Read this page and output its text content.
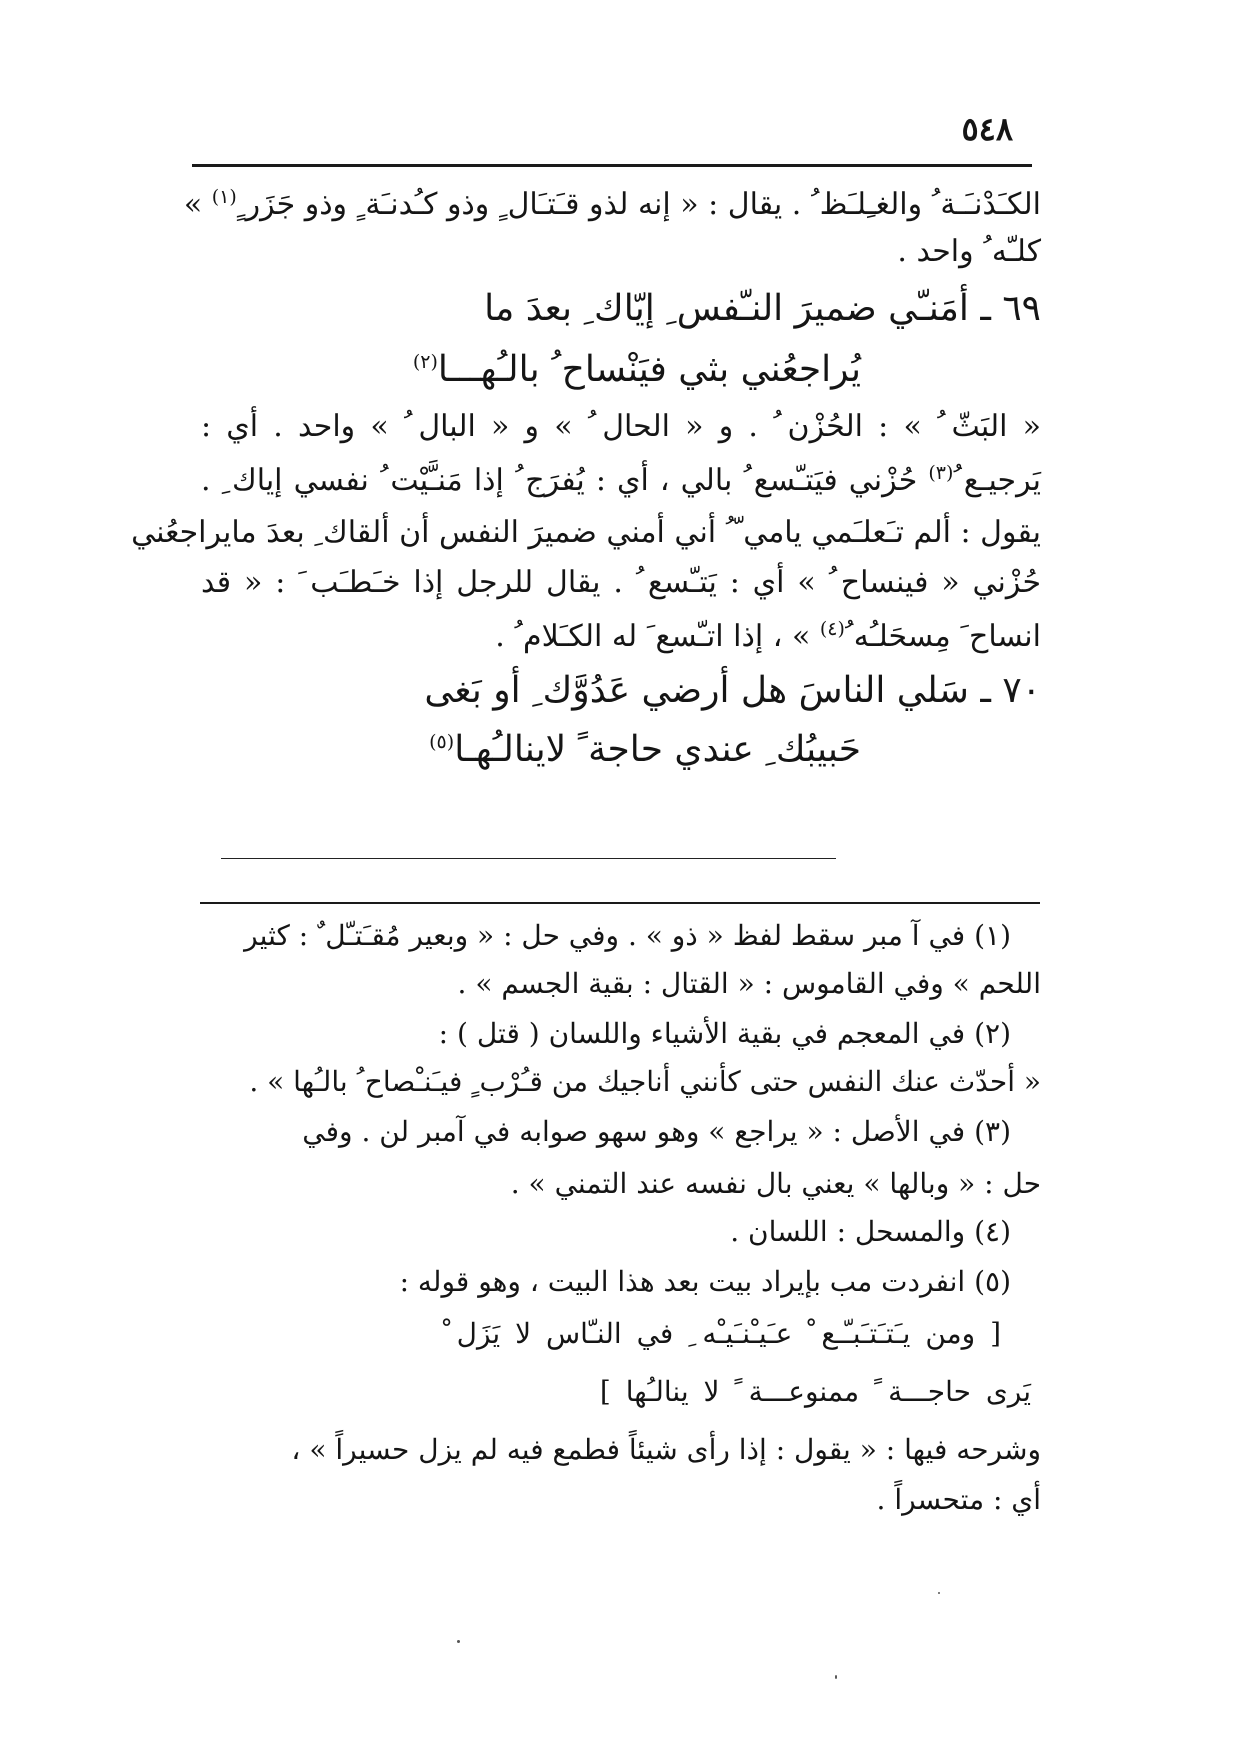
٥٤٨
الكـَدْنـَـة ُ والغـِلـَظ ُ . يقال : « إنه لذو قـَتـَال ٍ وذو كـُدنـَة ٍ وذو جَزَر ٍ$^{(١)}$ »
كلـّه ُ واحد .
٦٩ ـ أمَنـّي ضميرَ النـّفس ِ إيّاك ِ بعدَ ما
يُراجعُني بثي فيَنْساح ُ بالـُهـــا$^{(٢)}$
« البَثّ ُ » : الحُزْن ُ . و « الحال ُ » و « البال ُ » واحد . أي :
يَرجيـع ُ$^{(٣)}$ حُزْني فيَتـّسع ُ بالي ، أي : يُفرَج ُ إذا مَنـَّيْت ُ نفسي إياك ِ .
يقول : ألم تـَعلـَمي يامي ّ ُ أني أمني ضميرَ النفس أن ألقاك ِ بعدَ مايراجعُني
حُزْني « فينساح ُ » أي : يَتـّسع ُ . يقال للرجل إذا خـَطـَب َ : « قد
انساح َ مِسحَلـُه ُ$^{(٤)}$ » ، إذا اتـّسع َ له الكـَلام ُ .
٧٠ ـ سَلي الناسَ هل أرضي عَدُوَّك ِ أو بَغى
حَبيبُك ِ عندي حاجة ً لاينالـُهـا$^{(٥)}$
(١) في آ مبر سقط لفظ « ذو » . وفي حل : « وبعير مُقـَتـّل ٌ : كثير
اللحم » وفي القاموس : « القتال : بقية الجسم » .
(٢) في المعجم في بقية الأشياء واللسان ( قتل ) :
« أحدّث عنك النفس حتى كأنني أناجيك من قـُرْب ٍ فيـَنـْصاح ُ بالـُها » .
(٣) في الأصل : « يراجع » وهو سهو صوابه في آمبر لن . وفي
حل : « وبالها » يعني بال نفسه عند التمني » .
(٤) والمسحل : اللسان .
(٥) انفردت مب بإيراد بيت بعد هذا البيت ، وهو قوله :
[ ومن يـَتـَتـَبـّـع ْ عـَيـْنـَيـْه ِ في النـّاس لا يَزَل ْ
يَرى حاجـــة ً ممنوعـــة ً لا ينالـُها ]
وشرحه فيها : « يقول : إذا رأى شيئاً فطمع فيه لم يزل حسيراً » ،
أي : متحسراً .
